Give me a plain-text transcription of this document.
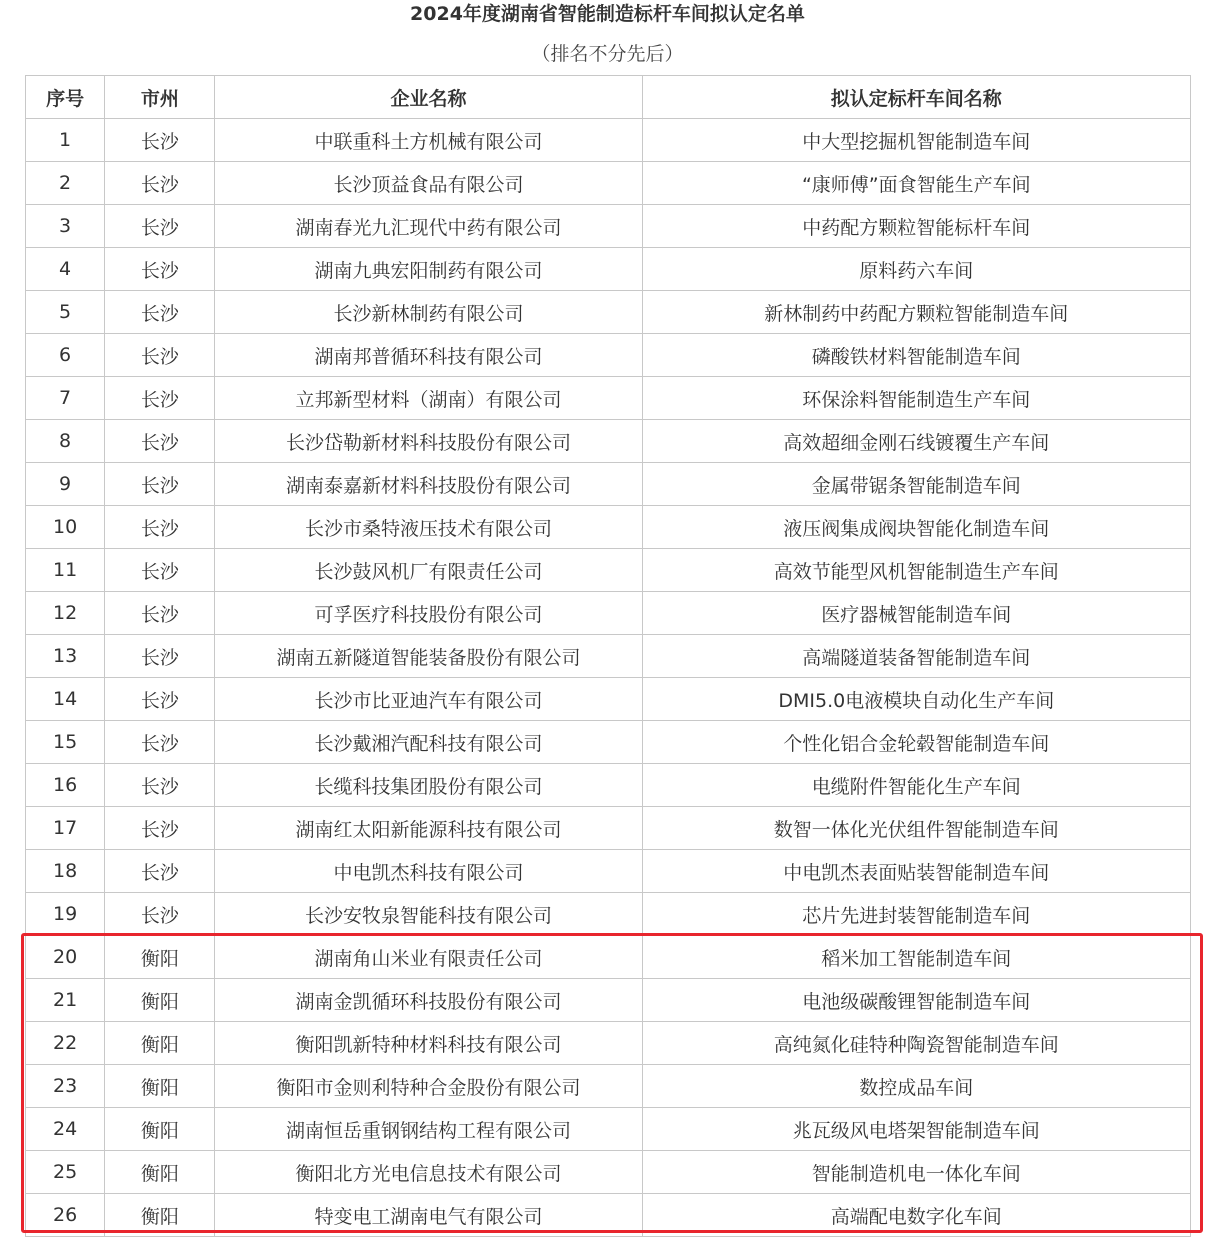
2024年度湖南省智能制造标杆车间拟认定名单
（排名不分先后）
序号	市州	企业名称	拟认定标杆车间名称
1	长沙	中联重科土方机械有限公司	中大型挖掘机智能制造车间
2	长沙	长沙顶益食品有限公司	“康师傅”面食智能生产车间
3	长沙	湖南春光九汇现代中药有限公司	中药配方颗粒智能标杆车间
4	长沙	湖南九典宏阳制药有限公司	原料药六车间
5	长沙	长沙新林制药有限公司	新林制药中药配方颗粒智能制造车间
6	长沙	湖南邦普循环科技有限公司	磷酸铁材料智能制造车间
7	长沙	立邦新型材料（湖南）有限公司	环保涂料智能制造生产车间
8	长沙	长沙岱勒新材料科技股份有限公司	高效超细金刚石线镀覆生产车间
9	长沙	湖南泰嘉新材料科技股份有限公司	金属带锯条智能制造车间
10	长沙	长沙市桑特液压技术有限公司	液压阀集成阀块智能化制造车间
11	长沙	长沙鼓风机厂有限责任公司	高效节能型风机智能制造生产车间
12	长沙	可孚医疗科技股份有限公司	医疗器械智能制造车间
13	长沙	湖南五新隧道智能装备股份有限公司	高端隧道装备智能制造车间
14	长沙	长沙市比亚迪汽车有限公司	DMI5.0电液模块自动化生产车间
15	长沙	长沙戴湘汽配科技有限公司	个性化铝合金轮毂智能制造车间
16	长沙	长缆科技集团股份有限公司	电缆附件智能化生产车间
17	长沙	湖南红太阳新能源科技有限公司	数智一体化光伏组件智能制造车间
18	长沙	中电凯杰科技有限公司	中电凯杰表面贴装智能制造车间
19	长沙	长沙安牧泉智能科技有限公司	芯片先进封装智能制造车间
20	衡阳	湖南角山米业有限责任公司	稻米加工智能制造车间
21	衡阳	湖南金凯循环科技股份有限公司	电池级碳酸锂智能制造车间
22	衡阳	衡阳凯新特种材料科技有限公司	高纯氮化硅特种陶瓷智能制造车间
23	衡阳	衡阳市金则利特种合金股份有限公司	数控成品车间
24	衡阳	湖南恒岳重钢钢结构工程有限公司	兆瓦级风电塔架智能制造车间
25	衡阳	衡阳北方光电信息技术有限公司	智能制造机电一体化车间
26	衡阳	特变电工湖南电气有限公司	高端配电数字化车间
